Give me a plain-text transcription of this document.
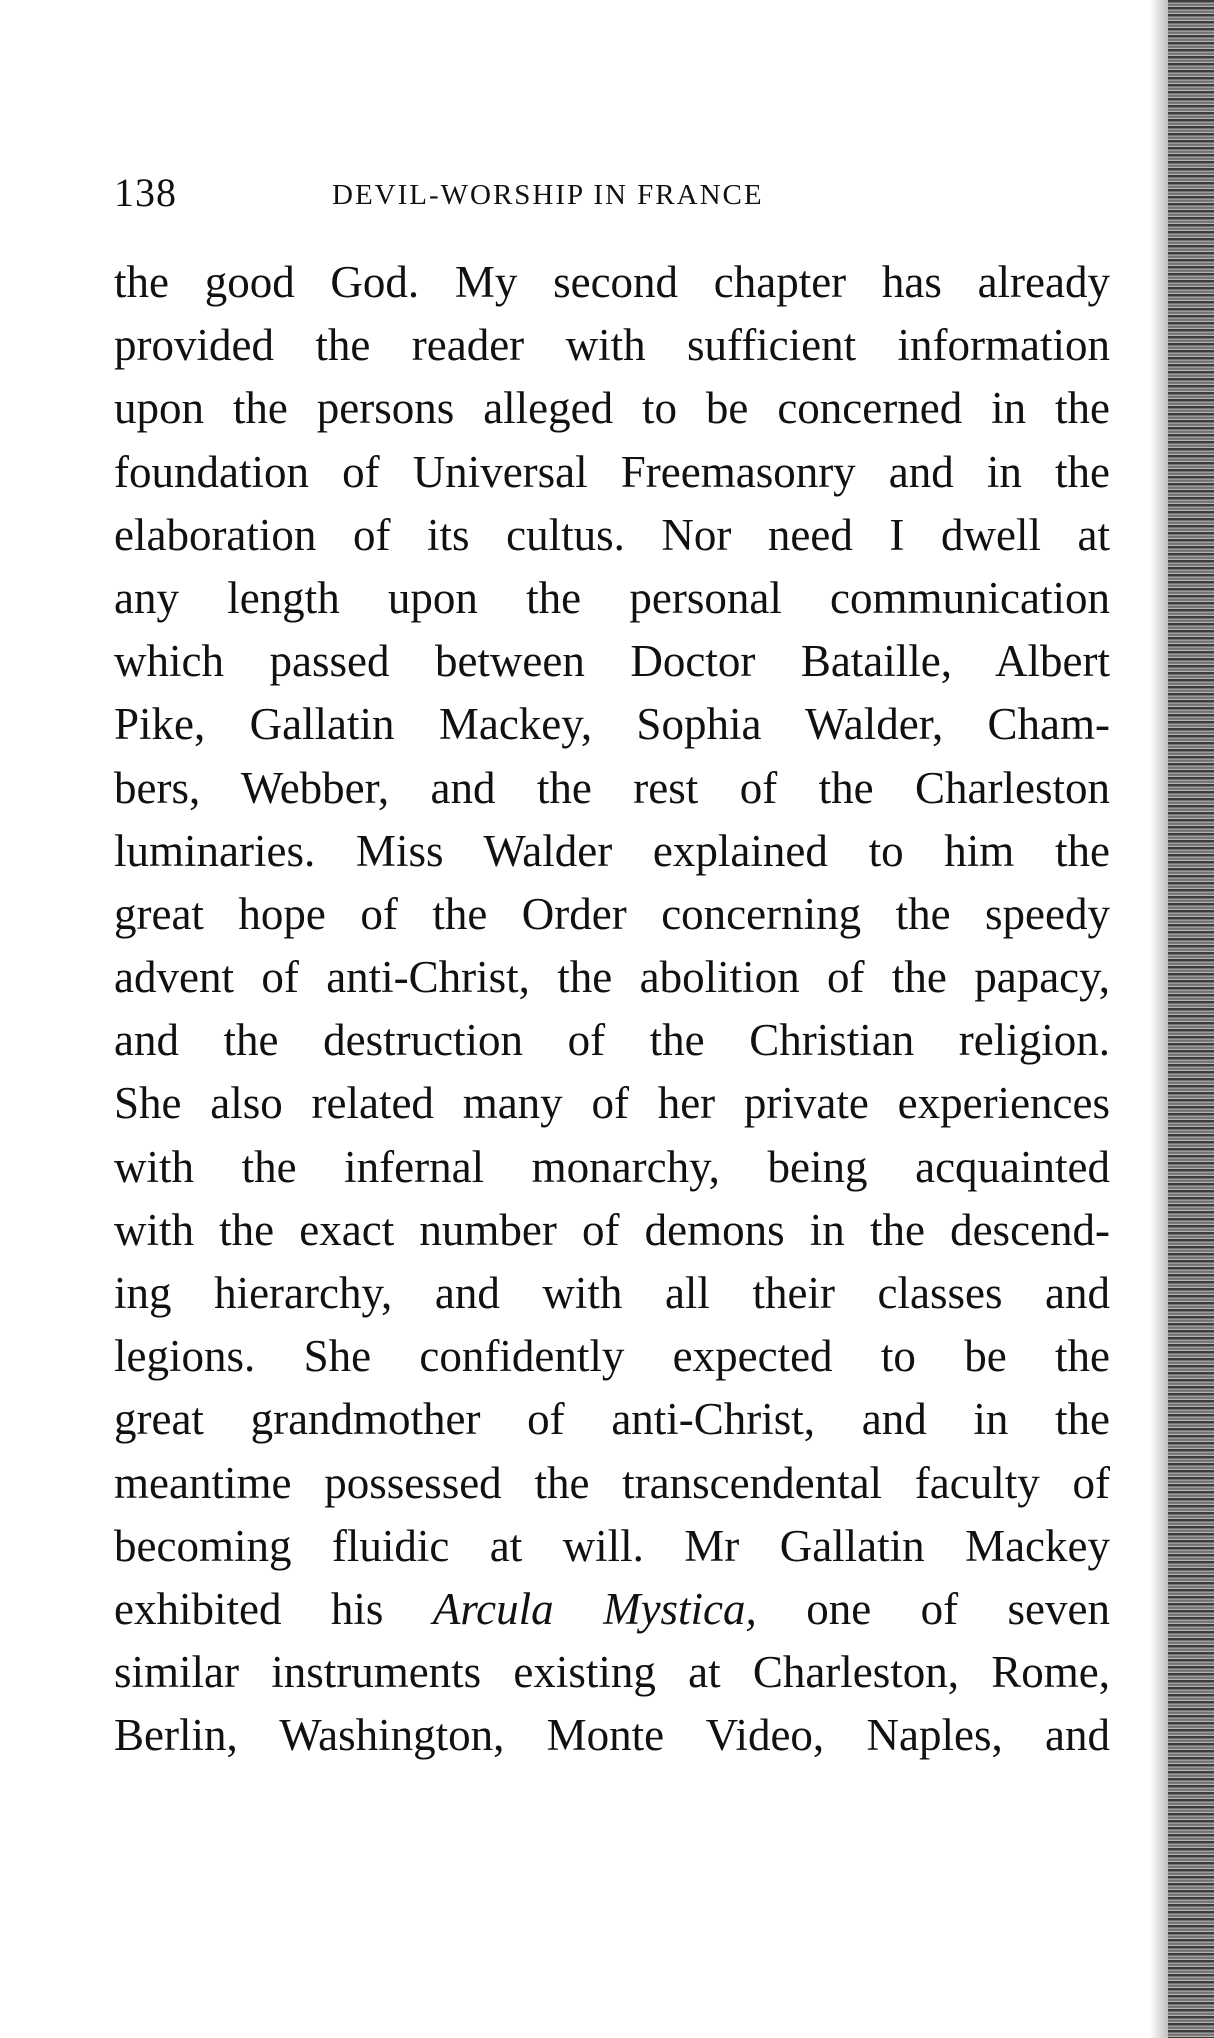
138	DEVIL-WORSHIP IN FRANCE
the good God. My second chapter has already
provided the reader with sufficient information
upon the persons alleged to be concerned in the
foundation of Universal Freemasonry and in the
elaboration of its cultus. Nor need I dwell at
any length upon the personal communication
which passed between Doctor Bataille, Albert
Pike, Gallatin Mackey, Sophia Walder, Cham-
bers, Webber, and the rest of the Charleston
luminaries. Miss Walder explained to him the
great hope of the Order concerning the speedy
advent of anti-Christ, the abolition of the papacy,
and the destruction of the Christian religion.
She also related many of her private experiences
with the infernal monarchy, being acquainted
with the exact number of demons in the descend-
ing hierarchy, and with all their classes and
legions. She confidently expected to be the
great grandmother of anti-Christ, and in the
meantime possessed the transcendental faculty of
becoming fluidic at will. Mr Gallatin Mackey
exhibited his Arcula Mystica, one of seven
similar instruments existing at Charleston, Rome,
Berlin, Washington, Monte Video, Naples, and
